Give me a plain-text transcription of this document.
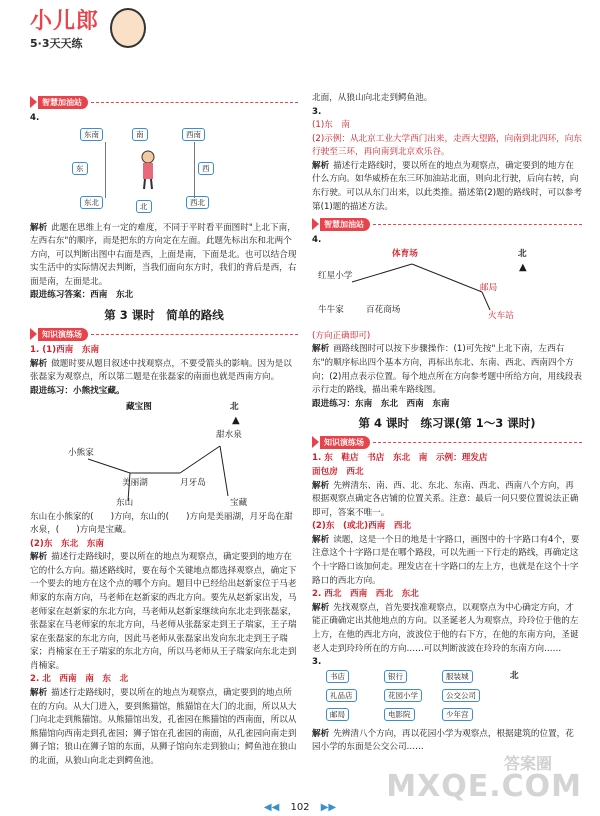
小儿郎
5·3天天练
智慧加油站
4.
东南	南	西南
东	西
东北	北	西北
解析 此题在思维上有一定的难度，不同于平时看平面图时"上北下南，左西右东"的顺序，而是把东的方向定在左面。此题先标出东和北两个方向，可以判断出图中右面是西，上面是南，下面是北。也可以结合现实生活中的实际情况去判断，当我们面向东方时，我们的背后是西，右面是南，左面是北。
跟进练习答案：西南　东北
第 3 课时　简单的路线
知识演练场
1. (1)西南　东南
解析 做题时要从题目叙述中找观察点，不要受箭头的影响。因为是以张磊家为观察点，所以第二题是在张磊家的南面也就是西南方向。
跟进练习：小熊找宝藏。
藏宝图	北
▲
小熊家
美丽湖	月牙岛
甜水泉
东山	宝藏
东山在小熊家的(　　)方向，东山的(　　)方向是美丽湖，月牙岛在甜水泉，(　　)方向是宝藏。
(2)东　东北　东南
解析 描述行走路线时，要以所在的地点为观察点，确定要到的地方在它的什么方向。描述路线时，要在每个关键地点都选择观察点，确定下一个要去的地方在这个点的哪个方向。题目中已经给出赵新家位于马老师家的东南方向，马老师在赵新家的西北方向。要先从赵新家出发，马老师家在赵新家的东北方向，马老师从赵新家继续向东北走到张磊家，张磊家在马老师家的东北方向，马老师从张磊家走到王子瑞家，王子瑞家在张磊家的东北方向，因此马老师从张磊家出发向东北走到王子瑞家；肖楠家在王子瑞家的东北方向，所以马老师从王子瑞家向东北走到肖楠家。
2. 北　西南　南　东　北
解析 描述行走路线时，要以所在的地点为观察点，确定要到的地点所在的方向。从大门进入，要到熊猫馆，熊猫馆在大门的北面，所以从大门向北走到熊猫馆。从熊猫馆出发，孔雀园在熊猫馆的西南面，所以从熊猫馆向西南走到孔雀园；狮子馆在孔雀园的南面，从孔雀园向南走到狮子馆；狼山在狮子馆的东面，从狮子馆向东走到狼山；鳄鱼池在狼山的北面，从狼山向北走到鳄鱼池。
北面，从狼山向北走到鳄鱼池。
3.
(1)东　南
(2)示例：从北京工业大学西门出来，走西大望路，向南到北四环，向东行驶至三环，再向南到北京欢乐谷。
解析 描述行走路线时，要以所在的地点为观察点，确定要到的地方在什么方向。如华威桥在东三环加油站北面，则向北行驶，后向右转，向东行驶。可以从东门出来，以此类推。描述第(2)题的路线时，可以参考第(1)题的描述方法。
智慧加油站
4.
体育场
红星小学
邮局
牛牛家	百花商场
火车站
北
▲
(方向正确即可)
解析 画路线图时可以按下步骤操作：(1)可先按"上北下南，左西右东"的顺序标出四个基本方向，再标出东北、东南、西北、西南四个方向；(2)用点表示位置。每个地点所在方向参考题中所给方向，用线段表示行走的路线，描出乘车路线图。
跟进练习：东南　东北　西南　东南
第 4 课时　练习课(第 1～3 课时)
知识演练场
1. 东　鞋店　书店　东北　南　示例：理发店
面包房　西北
解析 先辨清东、南、西、北、东北、东南、西北、西南八个方向，再根据观察点确定各店铺的位置关系。注意：最后一问只要位置说法正确即可，答案不唯一。
(2)东　(或北)西南　西北
解析 读题，这是一个日的地是十字路口，画图中的十字路口有4个，要注意这个十字路口是在哪个路段，可以先画一下行走的路线，再确定这个十字路口该加何走。理发店在十字路口的左上方，也就是在这个十字路口的西北方向。
2. 西北　西南　西北　东北
解析 先找观察点，首先要找准观察点，以观察点为中心确定方向，才能正确确定出其他地点的方向。以圣诞老人为观察点，玲玲位于他的左上方，在他的西北方向，波波位于他的右下方，在他的东南方向，圣诞老人走到玲玲所在的方向……可以判断波波在玲玲的东南方向……
3.
书店	银行	服装城
礼品店	花园小学	公交公司
邮局	电影院	少年宫
北
解析 先辨清八个方向，再以花园小学为观察点，根据建筑的位置，花园小学的东面是公交公司……
◀◀ 102 ▶▶
答案圈
MXQE.COM
